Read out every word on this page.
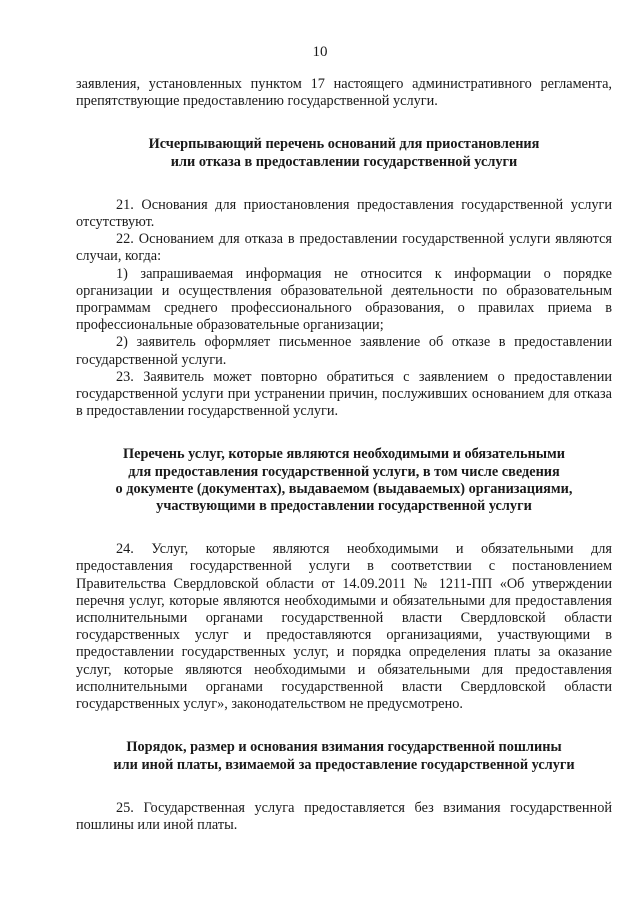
10

заявления, установленных пунктом 17 настоящего административного регламента, препятствующие предоставлению государственной услуги.

Исчерпывающий перечень оснований для приостановления
или отказа в предоставлении государственной услуги

21. Основания для приостановления предоставления государственной услуги отсутствуют.

22. Основанием для отказа в предоставлении государственной услуги являются случаи, когда:

1) запрашиваемая информация не относится к информации о порядке организации и осуществления образовательной деятельности по образовательным программам среднего профессионального образования, о правилах приема в профессиональные образовательные организации;

2) заявитель оформляет письменное заявление об отказе в предоставлении государственной услуги.

23. Заявитель может повторно обратиться с заявлением о предоставлении государственной услуги при устранении причин, послуживших основанием для отказа в предоставлении государственной услуги.

Перечень услуг, которые являются необходимыми и обязательными
для предоставления государственной услуги, в том числе сведения
о документе (документах), выдаваемом (выдаваемых) организациями,
участвующими в предоставлении государственной услуги

24. Услуг, которые являются необходимыми и обязательными для предоставления государственной услуги в соответствии с постановлением Правительства Свердловской области от 14.09.2011 № 1211-ПП «Об утверждении перечня услуг, которые являются необходимыми и обязательными для предоставления исполнительными органами государственной власти Свердловской области государственных услуг и предоставляются организациями, участвующими в предоставлении государственных услуг, и порядка определения платы за оказание услуг, которые являются необходимыми и обязательными для предоставления исполнительными органами государственной власти Свердловской области государственных услуг», законодательством не предусмотрено.

Порядок, размер и основания взимания государственной пошлины
или иной платы, взимаемой за предоставление государственной услуги

25. Государственная услуга предоставляется без взимания государственной пошлины или иной платы.
